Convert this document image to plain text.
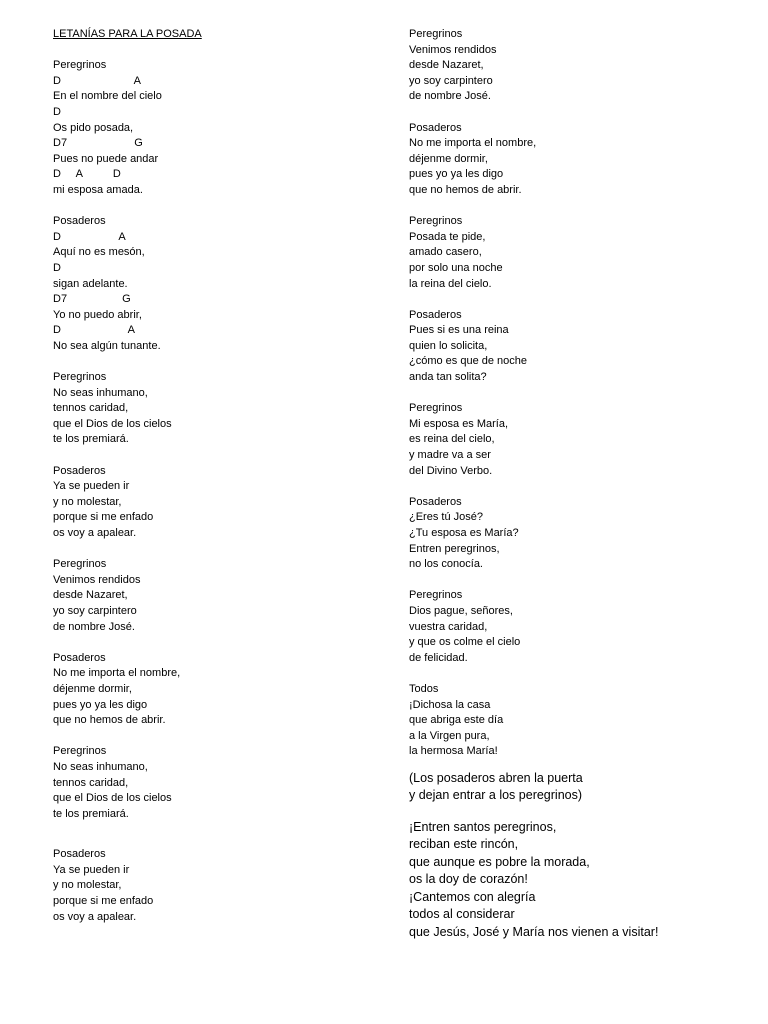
LETANÍAS PARA LA POSADA
Peregrinos
D                        A
En el nombre del cielo
D
Os pido posada,
D7                      G
Pues no puede andar
D     A          D
mi esposa amada.
Posaderos
D                   A
Aquí no es mesón,
D
sigan adelante.
D7                  G
Yo no puedo abrir,
D                      A
No sea algún tunante.
Peregrinos
No seas inhumano,
tennos caridad,
que el Dios de los cielos
te los premiará.
Posaderos
Ya se pueden ir
y no molestar,
porque si me enfado
os voy a apalear.
Peregrinos
Venimos rendidos
desde Nazaret,
yo soy carpintero
de nombre José.
Posaderos
No me importa el nombre,
déjenme dormir,
pues yo ya les digo
que no hemos de abrir.
Peregrinos
No seas inhumano,
tennos caridad,
que el Dios de los cielos
te los premiará.
Posaderos
Ya se pueden ir
y no molestar,
porque si me enfado
os voy a apalear.
Peregrinos
Venimos rendidos
desde Nazaret,
yo soy carpintero
de nombre José.
Posaderos
No me importa el nombre,
déjenme dormir,
pues yo ya les digo
que no hemos de abrir.
Peregrinos
Posada te pide,
amado casero,
por solo una noche
la reina del cielo.
Posaderos
Pues si es una reina
quien lo solicita,
¿cómo es que de noche
anda tan solita?
Peregrinos
Mi esposa es María,
es reina del cielo,
y madre va a ser
del Divino Verbo.
Posaderos
¿Eres tú José?
¿Tu esposa es María?
Entren peregrinos,
no los conocía.
Peregrinos
Dios pague, señores,
vuestra caridad,
y que os colme el cielo
de felicidad.
Todos
¡Dichosa la casa
que abriga este día
a la Virgen pura,
la hermosa María!
(Los posaderos abren la puerta
y dejan entrar a los peregrinos)
¡Entren santos peregrinos,
reciban este rincón,
que aunque es pobre la morada,
os la doy de corazón!
¡Cantemos con alegría
todos al considerar
que Jesús, José y María nos vienen a visitar!
